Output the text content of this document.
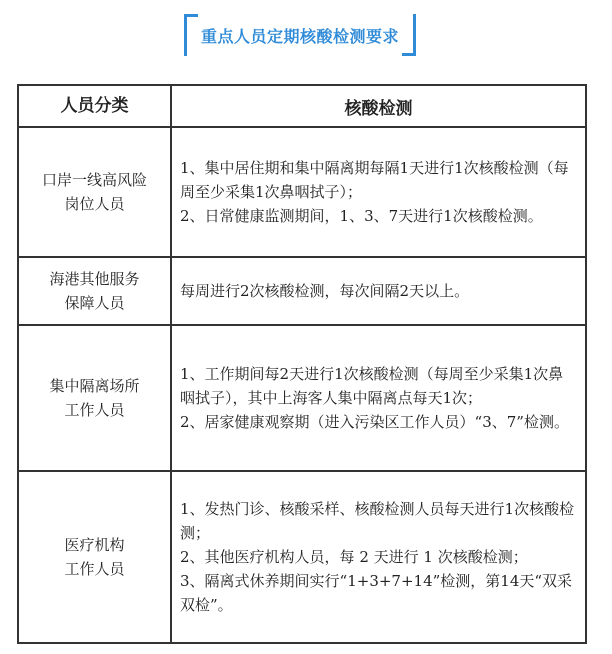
重点人员定期核酸检测要求
人员分类	核酸检测

口岸一线高风险
岗位人员	1、集中居住期和集中隔离期每隔1天进行1次核酸检测（每周至少采集1次鼻咽拭子）；
2、日常健康监测期间，1、3、7天进行1次核酸检测。

海港其他服务
保障人员	每周进行2次核酸检测，每次间隔2天以上。

集中隔离场所
工作人员	1、工作期间每2天进行1次核酸检测（每周至少采集1次鼻咽拭子），其中上海客人集中隔离点每天1次；
2、居家健康观察期（进入污染区工作人员）“3、7”检测。

医疗机构
工作人员	1、发热门诊、核酸采样、核酸检测人员每天进行1次核酸检测；
2、其他医疗机构人员，每 2 天进行 1 次核酸检测；
3、隔离式休养期间实行“1+3+7+14”检测，第14天“双采双检”。
